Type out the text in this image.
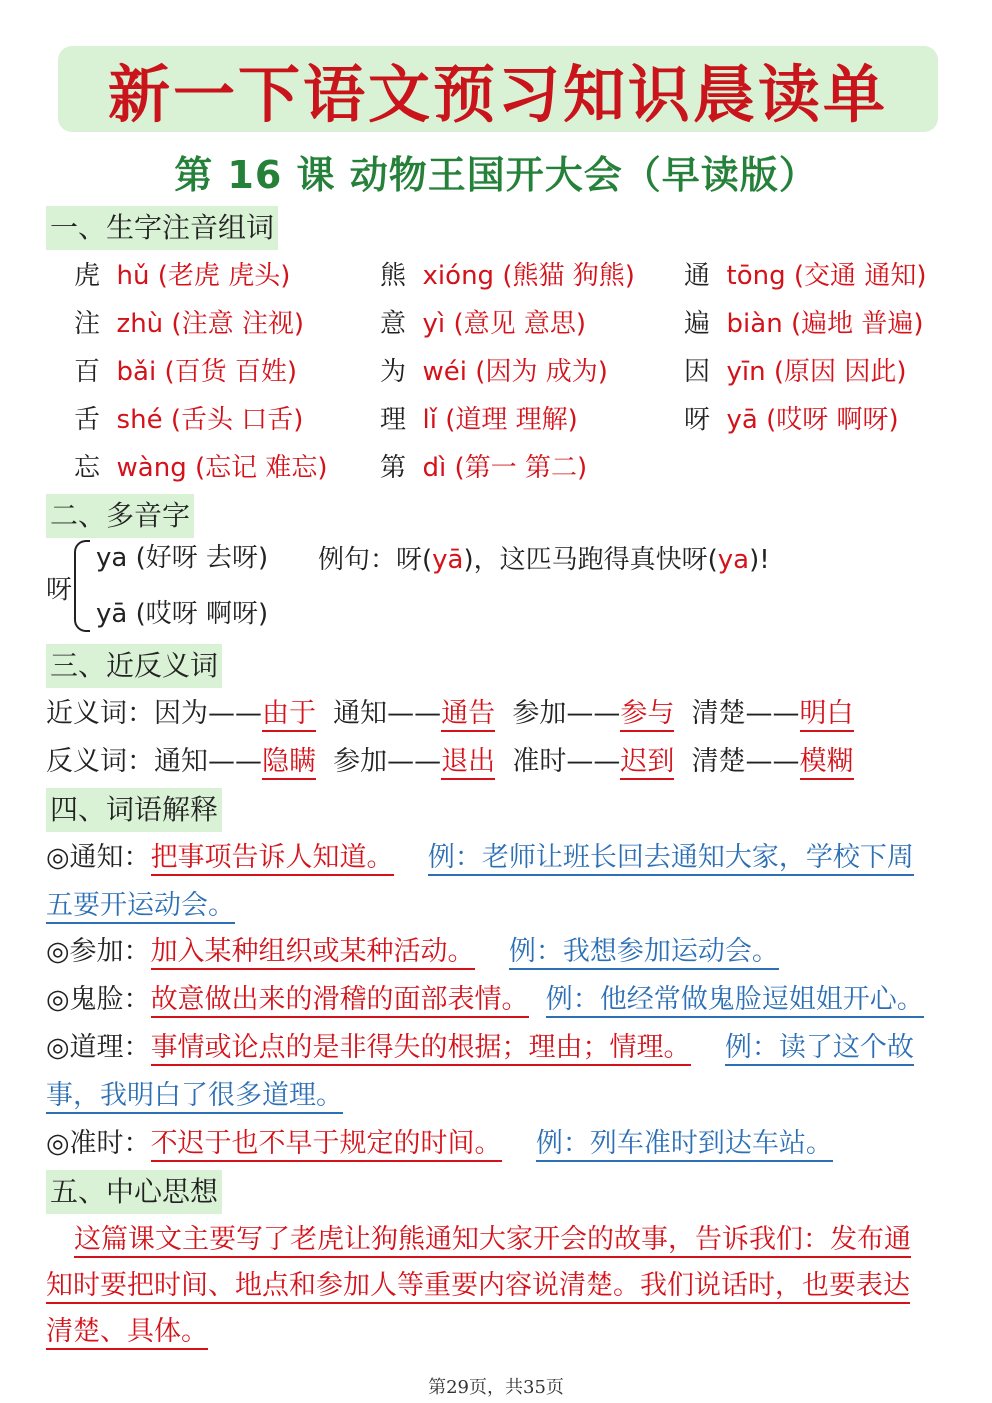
新一下语文预习知识晨读单
第 16 课 动物王国开大会（早读版）
一、生字注音组词
虎 hǔ (老虎 虎头)	熊 xióng (熊猫 狗熊) 通 tōng (交通 通知)
注 zhù (注意 注视)	意 yì (意见 意思)	遍 biàn (遍地 普遍)
百 bǎi (百货 百姓)	为 wéi (因为 成为)	因 yīn (原因 因此)
舌 shé (舌头 口舌)	理 lǐ (道理 理解)	呀 yā (哎呀 啊呀)
忘 wàng (忘记 难忘) 第 dì (第一 第二)
二、多音字
呀
ya (好呀 去呀)
yā (哎呀 啊呀)
例句：呀(yā)，这匹马跑得真快呀(ya)!
三、近反义词
近义词：因为——由于 通知——通告 参加——参与 清楚——明白
反义词：通知——隐瞒 参加——退出 准时——迟到 清楚——模糊
四、词语解释
◎通知：把事项告诉人知道。 例：老师让班长回去通知大家，学校下周
五要开运动会。
◎参加：加入某种组织或某种活动。 例：我想参加运动会。
◎鬼脸：故意做出来的滑稽的面部表情。 例：他经常做鬼脸逗姐姐开心。
◎道理：事情或论点的是非得失的根据；理由；情理。 例：读了这个故
事，我明白了很多道理。
◎准时：不迟于也不早于规定的时间。 例：列车准时到达车站。
五、中心思想
这篇课文主要写了老虎让狗熊通知大家开会的故事，告诉我们：发布通
知时要把时间、地点和参加人等重要内容说清楚。我们说话时，也要表达
清楚、具体。
第29页，共35页
